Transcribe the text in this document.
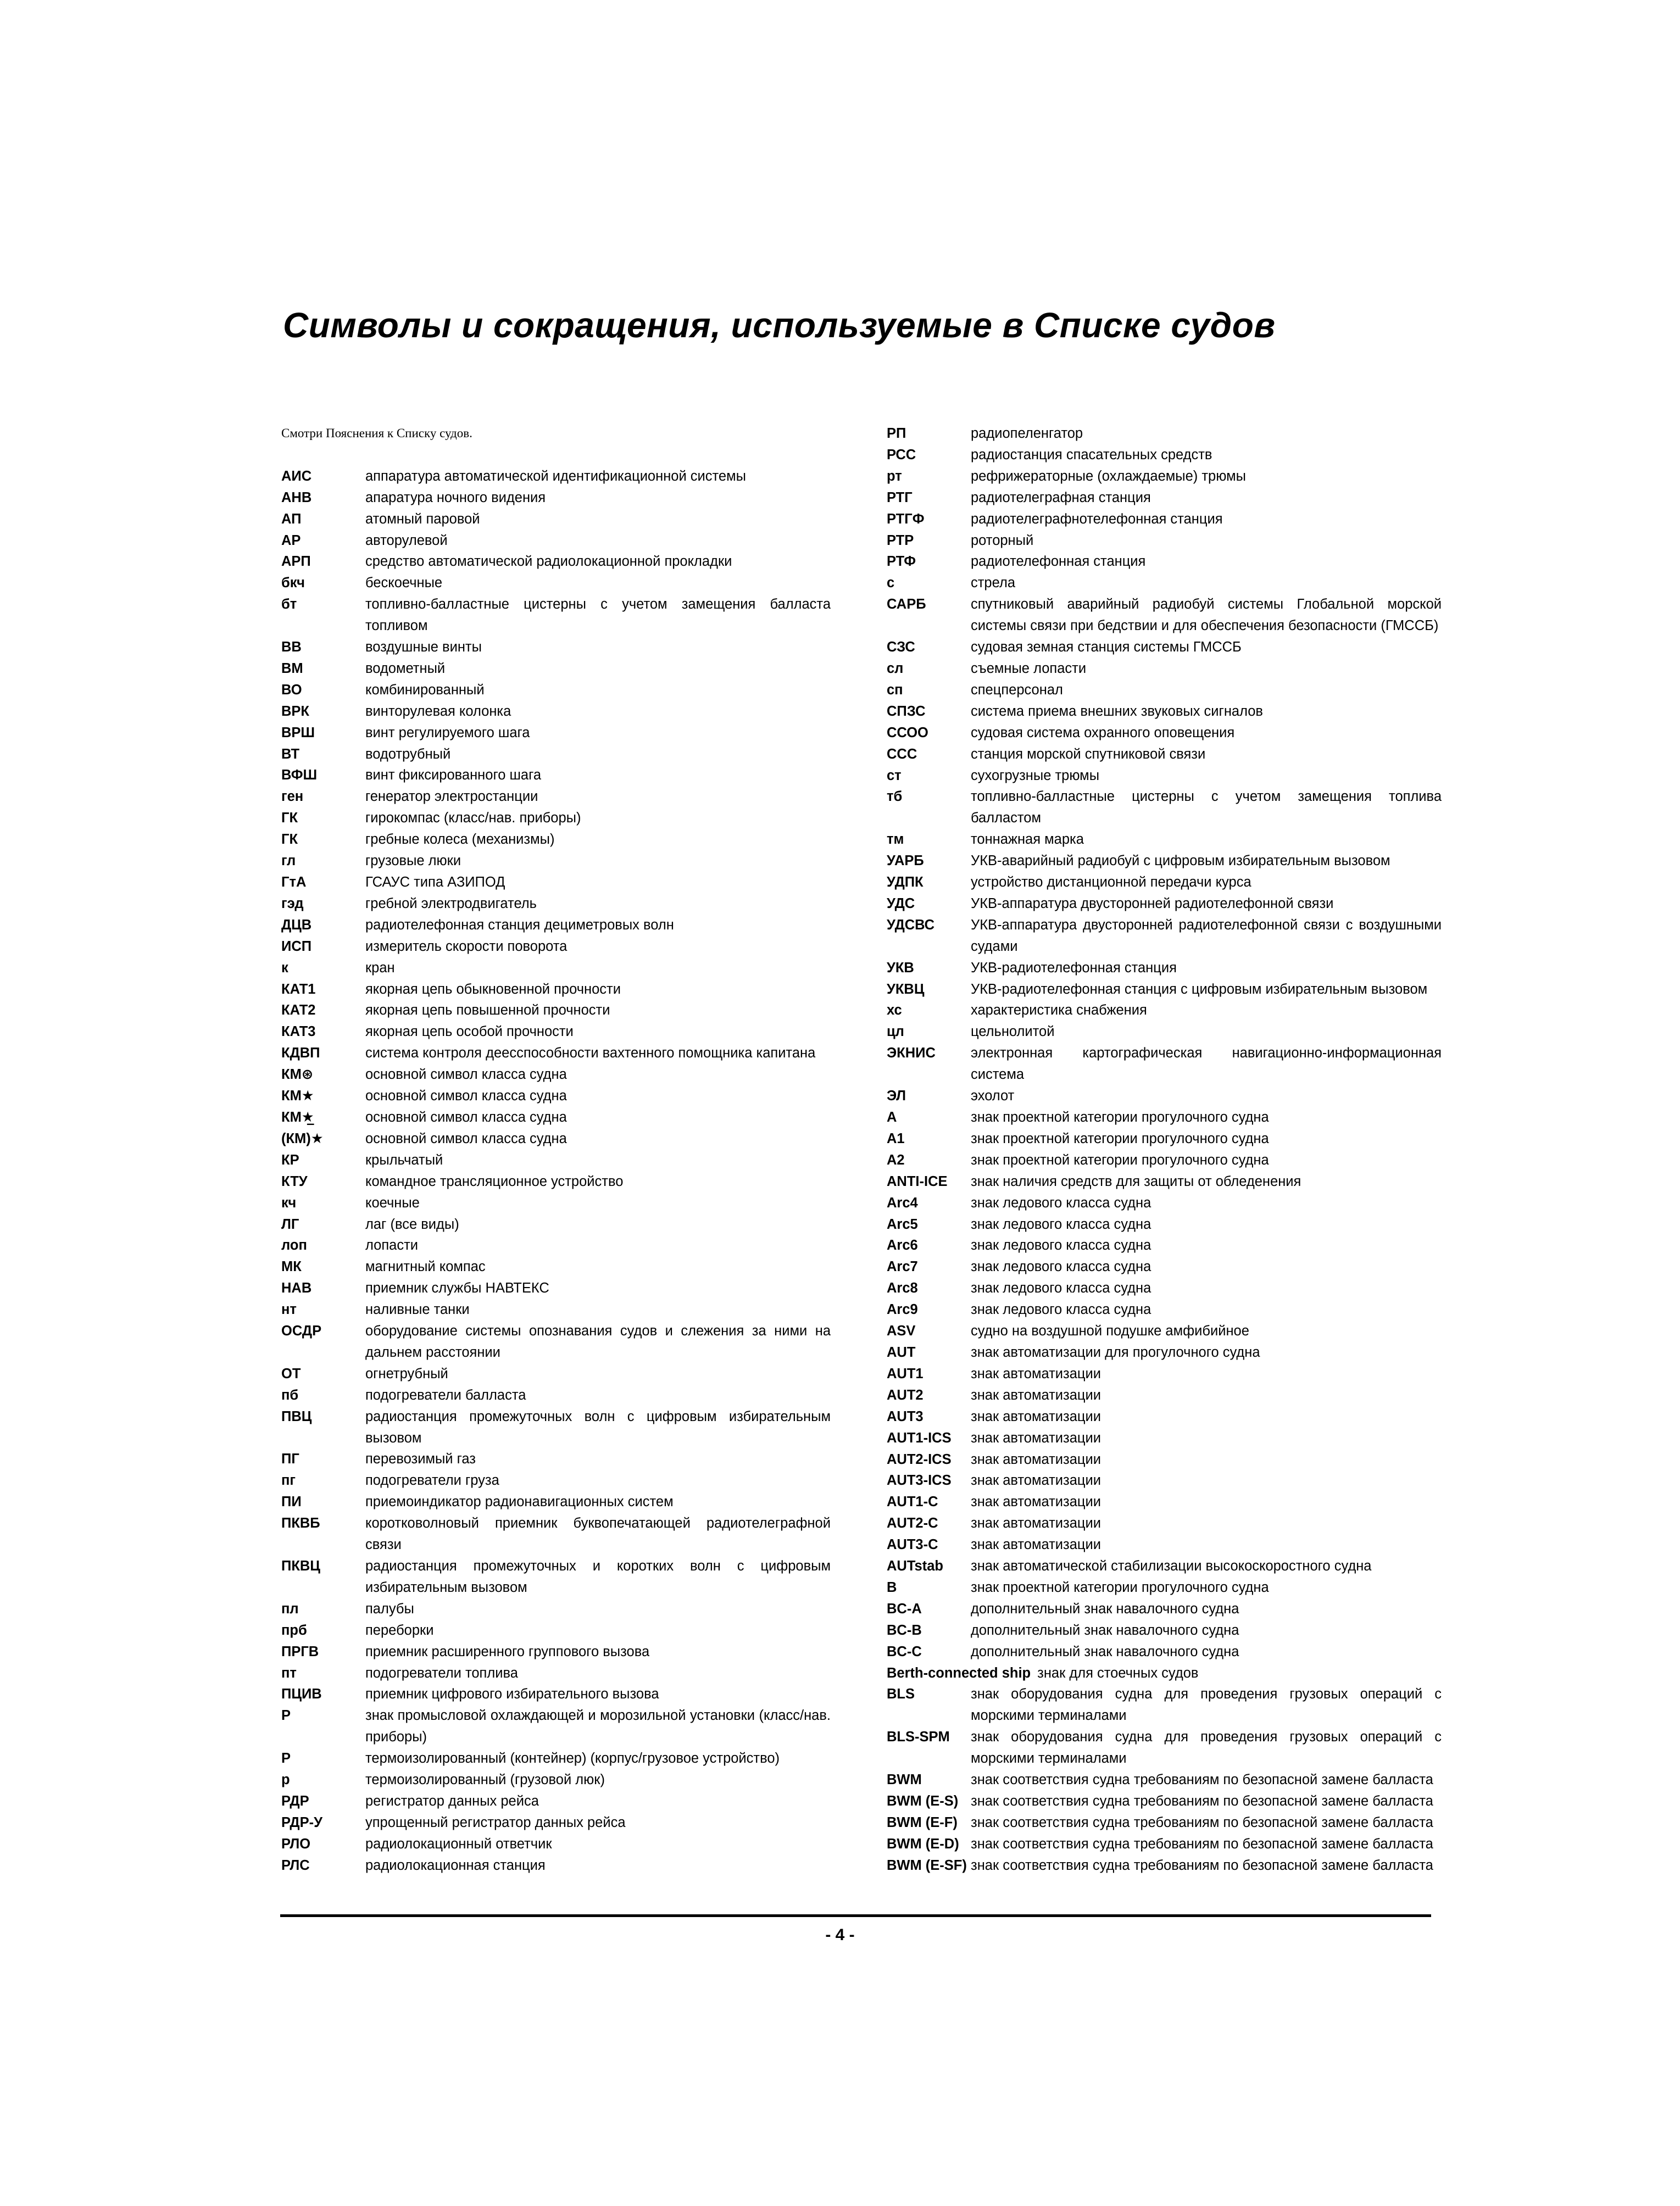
Символы и сокращения, используемые в Списке судов
Смотри Пояснения к Списку судов.
АИС	аппаратура автоматической идентификационной системы
АНВ	апаратура ночного видения
АП	атомный паровой
АР	авторулевой
АРП	средство автоматической радиолокационной прокладки
бкч	бескоечные
бт	топливно-балластные цистерны с учетом замещения балласта топливом
ВВ	воздушные винты
ВМ	водометный
ВО	комбинированный
ВРК	винторулевая колонка
ВРШ	винт регулируемого шага
ВТ	водотрубный
ВФШ	винт фиксированного шага
ген	генератор электростанции
ГК	гирокомпас (класс/нав. приборы)
ГК	гребные колеса (механизмы)
гл	грузовые люки
ГтА	ГСАУС типа АЗИПОД
гэд	гребной электродвигатель
ДЦВ	радиотелефонная станция дециметровых волн
ИСП	измеритель скорости поворота
к	кран
КАТ1	якорная цепь обыкновенной прочности
КАТ2	якорная цепь повышенной прочности
КАТ3	якорная цепь особой прочности
КДВП	система контроля деесспособности вахтенного помощника капитана
КМ⊛	основной символ класса судна
КМ★	основной символ класса судна
КМ★̲	основной символ класса судна
(КМ)★	основной символ класса судна
КР	крыльчатый
КТУ	командное трансляционное устройство
кч	коечные
ЛГ	лаг (все виды)
лоп	лопасти
МК	магнитный компас
НАВ	приемник службы НАВТЕКС
нт	наливные танки
ОСДР	оборудование системы опознавания судов и слежения за ними на дальнем расстоянии
ОТ	огнетрубный
пб	подогреватели балласта
ПВЦ	радиостанция промежуточных волн с цифровым избирательным вызовом
ПГ	перевозимый газ
пг	подогреватели груза
ПИ	приемоиндикатор радионавигационных систем
ПКВБ	коротковолновый приемник буквопечатающей радиотелеграфной связи
ПКВЦ	радиостанция промежуточных и коротких волн с цифровым избирательным вызовом
пл	палубы
прб	переборки
ПРГВ	приемник расширенного группового вызова
пт	подогреватели топлива
ПЦИВ	приемник цифрового избирательного вызова
Р	знак промысловой охлаждающей и морозильной установки (класс/нав. приборы)
Р	термоизолированный (контейнер) (корпус/грузовое устройство)
р	термоизолированный (грузовой люк)
РДР	регистратор данных рейса
РДР-У	упрощенный регистратор данных рейса
РЛО	радиолокационный ответчик
РЛС	радиолокационная станция
РП	радиопеленгатор
РСС	радиостанция спасательных средств
рт	рефрижераторные (охлаждаемые) трюмы
РТГ	радиотелеграфная станция
РТГФ	радиотелеграфнотелефонная станция
РТР	роторный
РТФ	радиотелефонная станция
с	стрела
САРБ	спутниковый аварийный радиобуй системы Глобальной морской системы связи при бедствии и для обеспечения безопасности (ГМССБ)
СЗС	судовая земная станция системы ГМССБ
сл	съемные лопасти
сп	спецперсонал
СПЗС	система приема внешних звуковых сигналов
ССОО	судовая система охранного оповещения
ССС	станция морской спутниковой связи
ст	сухогрузные трюмы
тб	топливно-балластные цистерны с учетом замещения топлива балластом
тм	тоннажная марка
УАРБ	УКВ-аварийный радиобуй с цифровым избирательным вызовом
УДПК	устройство дистанционной передачи курса
УДС	УКВ-аппаратура двусторонней радиотелефонной связи
УДСВС	УКВ-аппаратура двусторонней радиотелефонной связи с воздушными судами
УКВ	УКВ-радиотелефонная станция
УКВЦ	УКВ-радиотелефонная станция с цифровым избирательным вызовом
хс	характеристика снабжения
цл	цельнолитой
ЭКНИС	электронная картографическая навигационно-информационная система
ЭЛ	эхолот
А	знак проектной категории прогулочного судна
А1	знак проектной категории прогулочного судна
А2	знак проектной категории прогулочного судна
ANTI-ICE знак наличия средств для защиты от обледенения
Arc4	знак ледового класса судна
Arc5	знак ледового класса судна
Arc6	знак ледового класса судна
Arc7	знак ледового класса судна
Arc8	знак ледового класса судна
Arc9	знак ледового класса судна
ASV	судно на воздушной подушке амфибийное
AUT	знак автоматизации для прогулочного судна
AUT1	знак автоматизации
AUT2	знак автоматизации
AUT3	знак автоматизации
AUT1-ICS знак автоматизации
AUT2-ICS знак автоматизации
AUT3-ICS знак автоматизации
AUT1-C знак автоматизации
AUT2-C знак автоматизации
AUT3-C знак автоматизации
AUTstab знак автоматической стабилизации высокоскоростного судна
В	знак проектной категории прогулочного судна
BC-A	дополнительный знак навалочного судна
BC-B	дополнительный знак навалочного судна
BC-C	дополнительный знак навалочного судна
Berth-connected ship знак для стоечных судов
BLS	знак оборудования судна для проведения грузовых операций с морскими терминалами
BLS-SPM знак оборудования судна для проведения грузовых операций с морскими терминалами
BWM	знак соответствия судна требованиям по безопасной замене балласта
BWM (E-S) знак соответствия судна требованиям по безопасной замене балласта
BWM (E-F) знак соответствия судна требованиям по безопасной замене балласта
BWM (E-D) знак соответствия судна требованиям по безопасной замене балласта
BWM (E-SF) знак соответствия судна требованиям по безопасной замене балласта
- 4 -
